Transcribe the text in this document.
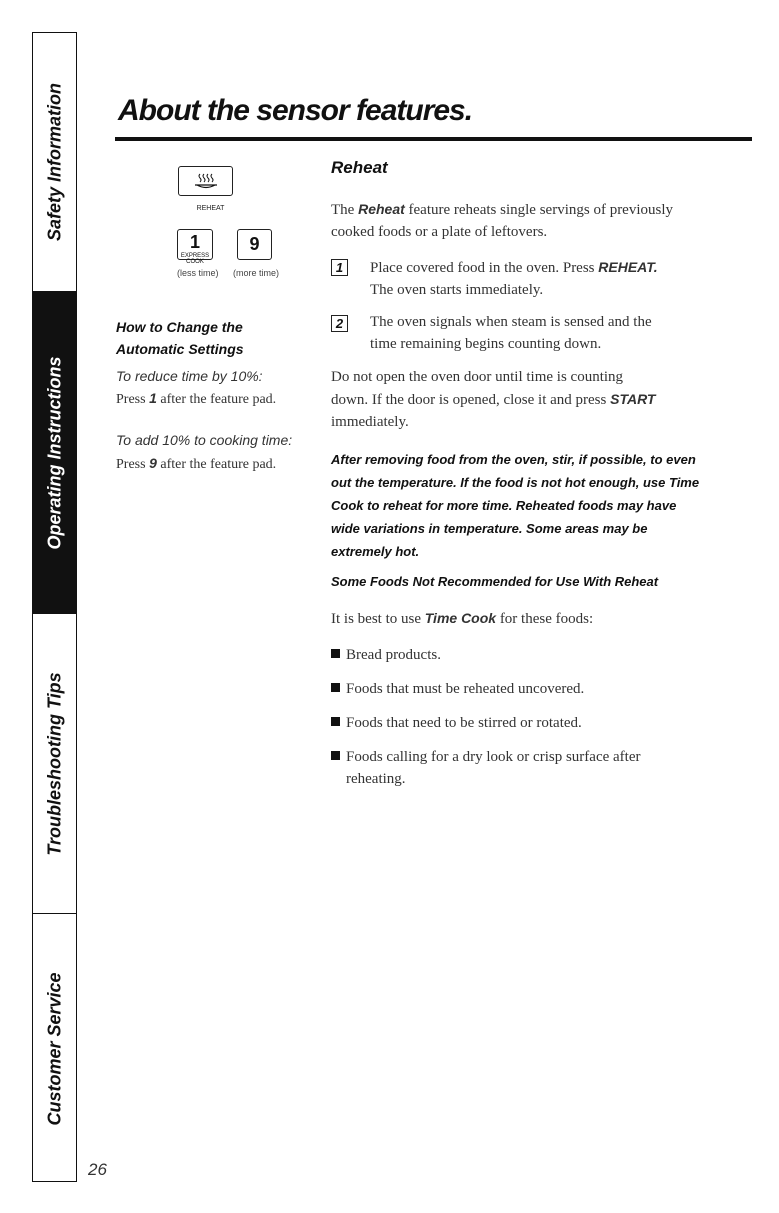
Safety Information
Operating Instructions
Troubleshooting Tips
Customer Service
26
About the sensor features.
REHEAT
1
EXPRESS COOK
9
(less time) (more time)
How to Change the
Automatic Settings
To reduce time by 10%:
Press 1 after the feature pad.
To add 10% to cooking time:
Press 9 after the feature pad.
Reheat
The Reheat feature reheats single servings of previously
cooked foods or a plate of leftovers.
1	Place covered food in the oven. Press REHEAT.
The oven starts immediately.
2	The oven signals when steam is sensed and the
time remaining begins counting down.
Do not open the oven door until time is counting
down. If the door is opened, close it and press START
immediately.
After removing food from the oven, stir, if possible, to even
out the temperature. If the food is not hot enough, use Time
Cook to reheat for more time. Reheated foods may have
wide variations in temperature. Some areas may be
extremely hot.
Some Foods Not Recommended for Use With Reheat
It is best to use Time Cook for these foods:
Bread products.
Foods that must be reheated uncovered.
Foods that need to be stirred or rotated.
Foods calling for a dry look or crisp surface after
reheating.
